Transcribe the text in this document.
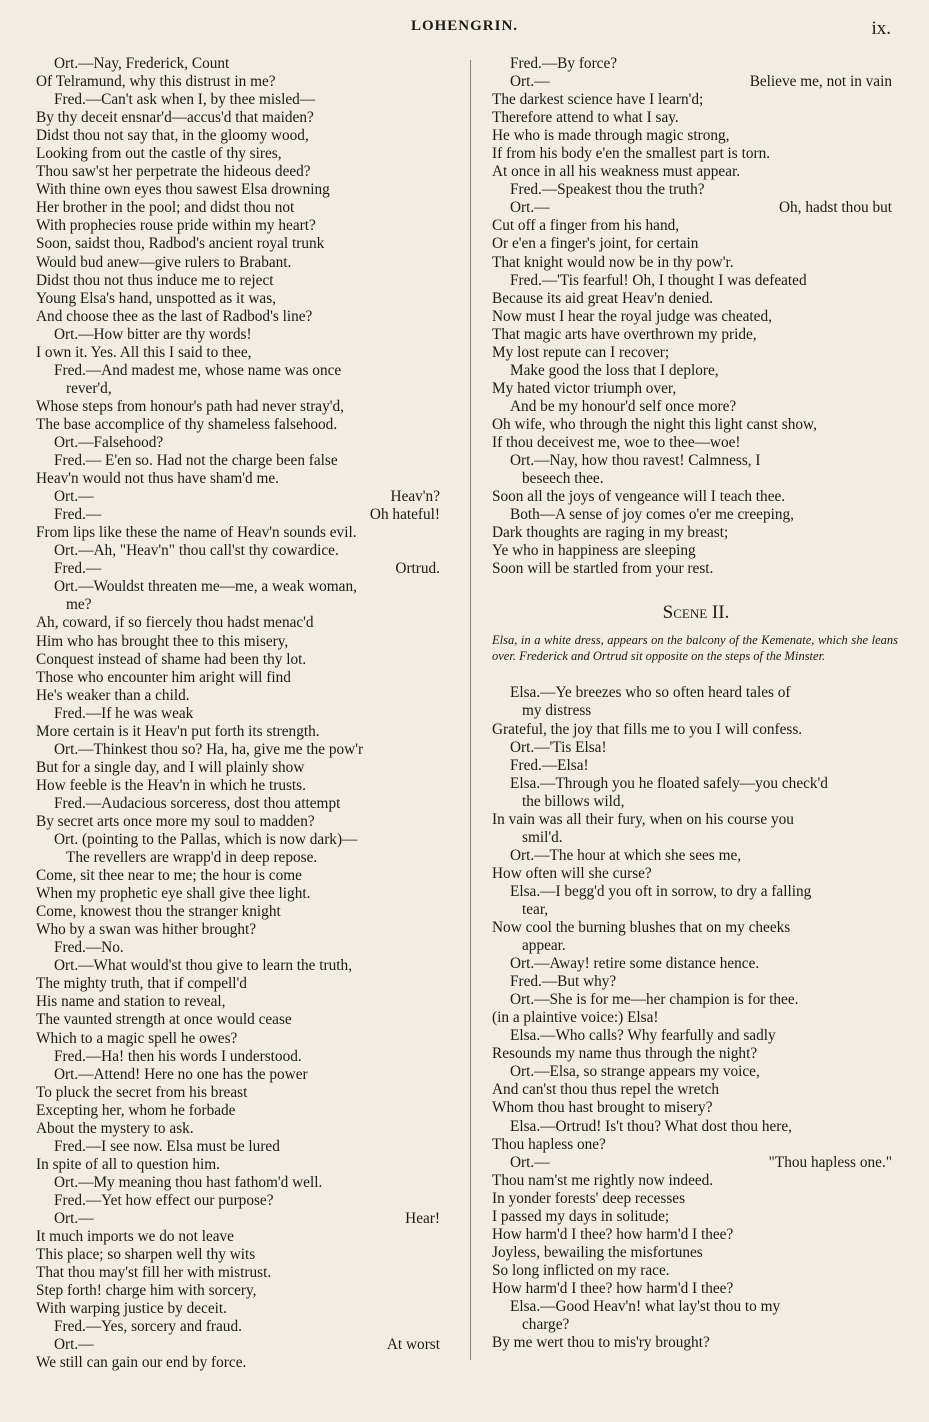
LOHENGRIN.	ix.
Ort.—Nay, Frederick, Count
Of Telramund, why this distrust in me?
Fred.—Can't ask when I, by thee misled—
By thy deceit ensnar'd—accus'd that maiden?
Didst thou not say that, in the gloomy wood,
Looking from out the castle of thy sires,
Thou saw'st her perpetrate the hideous deed?
With thine own eyes thou sawest Elsa drowning
Her brother in the pool; and didst thou not
With prophecies rouse pride within my heart?
Soon, saidst thou, Radbod's ancient royal trunk
Would bud anew—give rulers to Brabant.
Didst thou not thus induce me to reject
Young Elsa's hand, unspotted as it was,
And choose thee as the last of Radbod's line?
Ort.—How bitter are thy words!
I own it. Yes. All this I said to thee,
Fred.—And madest me, whose name was once
rever'd,
Whose steps from honour's path had never stray'd,
The base accomplice of thy shameless falsehood.
Ort.—Falsehood?
Fred.— E'en so. Had not the charge been false
Heav'n would not thus have sham'd me.
Ort.—	Heav'n?
Fred.—	Oh hateful!
From lips like these the name of Heav'n sounds evil.
Ort.—Ah, "Heav'n" thou call'st thy cowardice.
Fred.—	Ortrud.
Ort.—Wouldst threaten me—me, a weak woman,
me?
Ah, coward, if so fiercely thou hadst menac'd
Him who has brought thee to this misery,
Conquest instead of shame had been thy lot.
Those who encounter him aright will find
He's weaker than a child.
Fred.—If he was weak
More certain is it Heav'n put forth its strength.
Ort.—Thinkest thou so? Ha, ha, give me the pow'r
But for a single day, and I will plainly show
How feeble is the Heav'n in which he trusts.
Fred.—Audacious sorceress, dost thou attempt
By secret arts once more my soul to madden?
Ort. (pointing to the Pallas, which is now dark)—
The revellers are wrapp'd in deep repose.
Come, sit thee near to me; the hour is come
When my prophetic eye shall give thee light.
Come, knowest thou the stranger knight
Who by a swan was hither brought?
Fred.—No.
Ort.—What would'st thou give to learn the truth,
The mighty truth, that if compell'd
His name and station to reveal,
The vaunted strength at once would cease
Which to a magic spell he owes?
Fred.—Ha! then his words I understood.
Ort.—Attend! Here no one has the power
To pluck the secret from his breast
Excepting her, whom he forbade
About the mystery to ask.
Fred.—I see now. Elsa must be lured
In spite of all to question him.
Ort.—My meaning thou hast fathom'd well.
Fred.—Yet how effect our purpose?
Ort.—	Hear!
It much imports we do not leave
This place; so sharpen well thy wits
That thou may'st fill her with mistrust.
Step forth! charge him with sorcery,
With warping justice by deceit.
Fred.—Yes, sorcery and fraud.
Ort.—	At worst
We still can gain our end by force.
Fred.—By force?
Ort.—	Believe me, not in vain
The darkest science have I learn'd;
Therefore attend to what I say.
He who is made through magic strong,
If from his body e'en the smallest part is torn.
At once in all his weakness must appear.
Fred.—Speakest thou the truth?
Ort.—	Oh, hadst thou but
Cut off a finger from his hand,
Or e'en a finger's joint, for certain
That knight would now be in thy pow'r.
Fred.—'Tis fearful! Oh, I thought I was defeated
Because its aid great Heav'n denied.
Now must I hear the royal judge was cheated,
That magic arts have overthrown my pride,
My lost repute can I recover;
Make good the loss that I deplore,
My hated victor triumph over,
And be my honour'd self once more?
Oh wife, who through the night this light canst show,
If thou deceivest me, woe to thee—woe!
Ort.—Nay, how thou ravest! Calmness, I
beseech thee.
Soon all the joys of vengeance will I teach thee.
Both—A sense of joy comes o'er me creeping,
Dark thoughts are raging in my breast;
Ye who in happiness are sleeping
Soon will be startled from your rest.
Scene II.
Elsa, in a white dress, appears on the balcony of the Kemenate, which she leans over. Frederick and Ortrud sit opposite on the steps of the Minster.
Elsa.—Ye breezes who so often heard tales of
my distress
Grateful, the joy that fills me to you I will confess.
Ort.—'Tis Elsa!
Fred.—Elsa!
Elsa.—Through you he floated safely—you check'd
the billows wild,
In vain was all their fury, when on his course you
smil'd.
Ort.—The hour at which she sees me,
How often will she curse?
Elsa.—I begg'd you oft in sorrow, to dry a falling
tear,
Now cool the burning blushes that on my cheeks
appear.
Ort.—Away! retire some distance hence.
Fred.—But why?
Ort.—She is for me—her champion is for thee.
(in a plaintive voice:) Elsa!
Elsa.—Who calls? Why fearfully and sadly
Resounds my name thus through the night?
Ort.—Elsa, so strange appears my voice,
And can'st thou thus repel the wretch
Whom thou hast brought to misery?
Elsa.—Ortrud! Is't thou? What dost thou here,
Thou hapless one?
Ort.—	"Thou hapless one."
Thou nam'st me rightly now indeed.
In yonder forests' deep recesses
I passed my days in solitude;
How harm'd I thee? how harm'd I thee?
Joyless, bewailing the misfortunes
So long inflicted on my race.
How harm'd I thee? how harm'd I thee?
Elsa.—Good Heav'n! what lay'st thou to my
charge?
By me wert thou to mis'ry brought?
